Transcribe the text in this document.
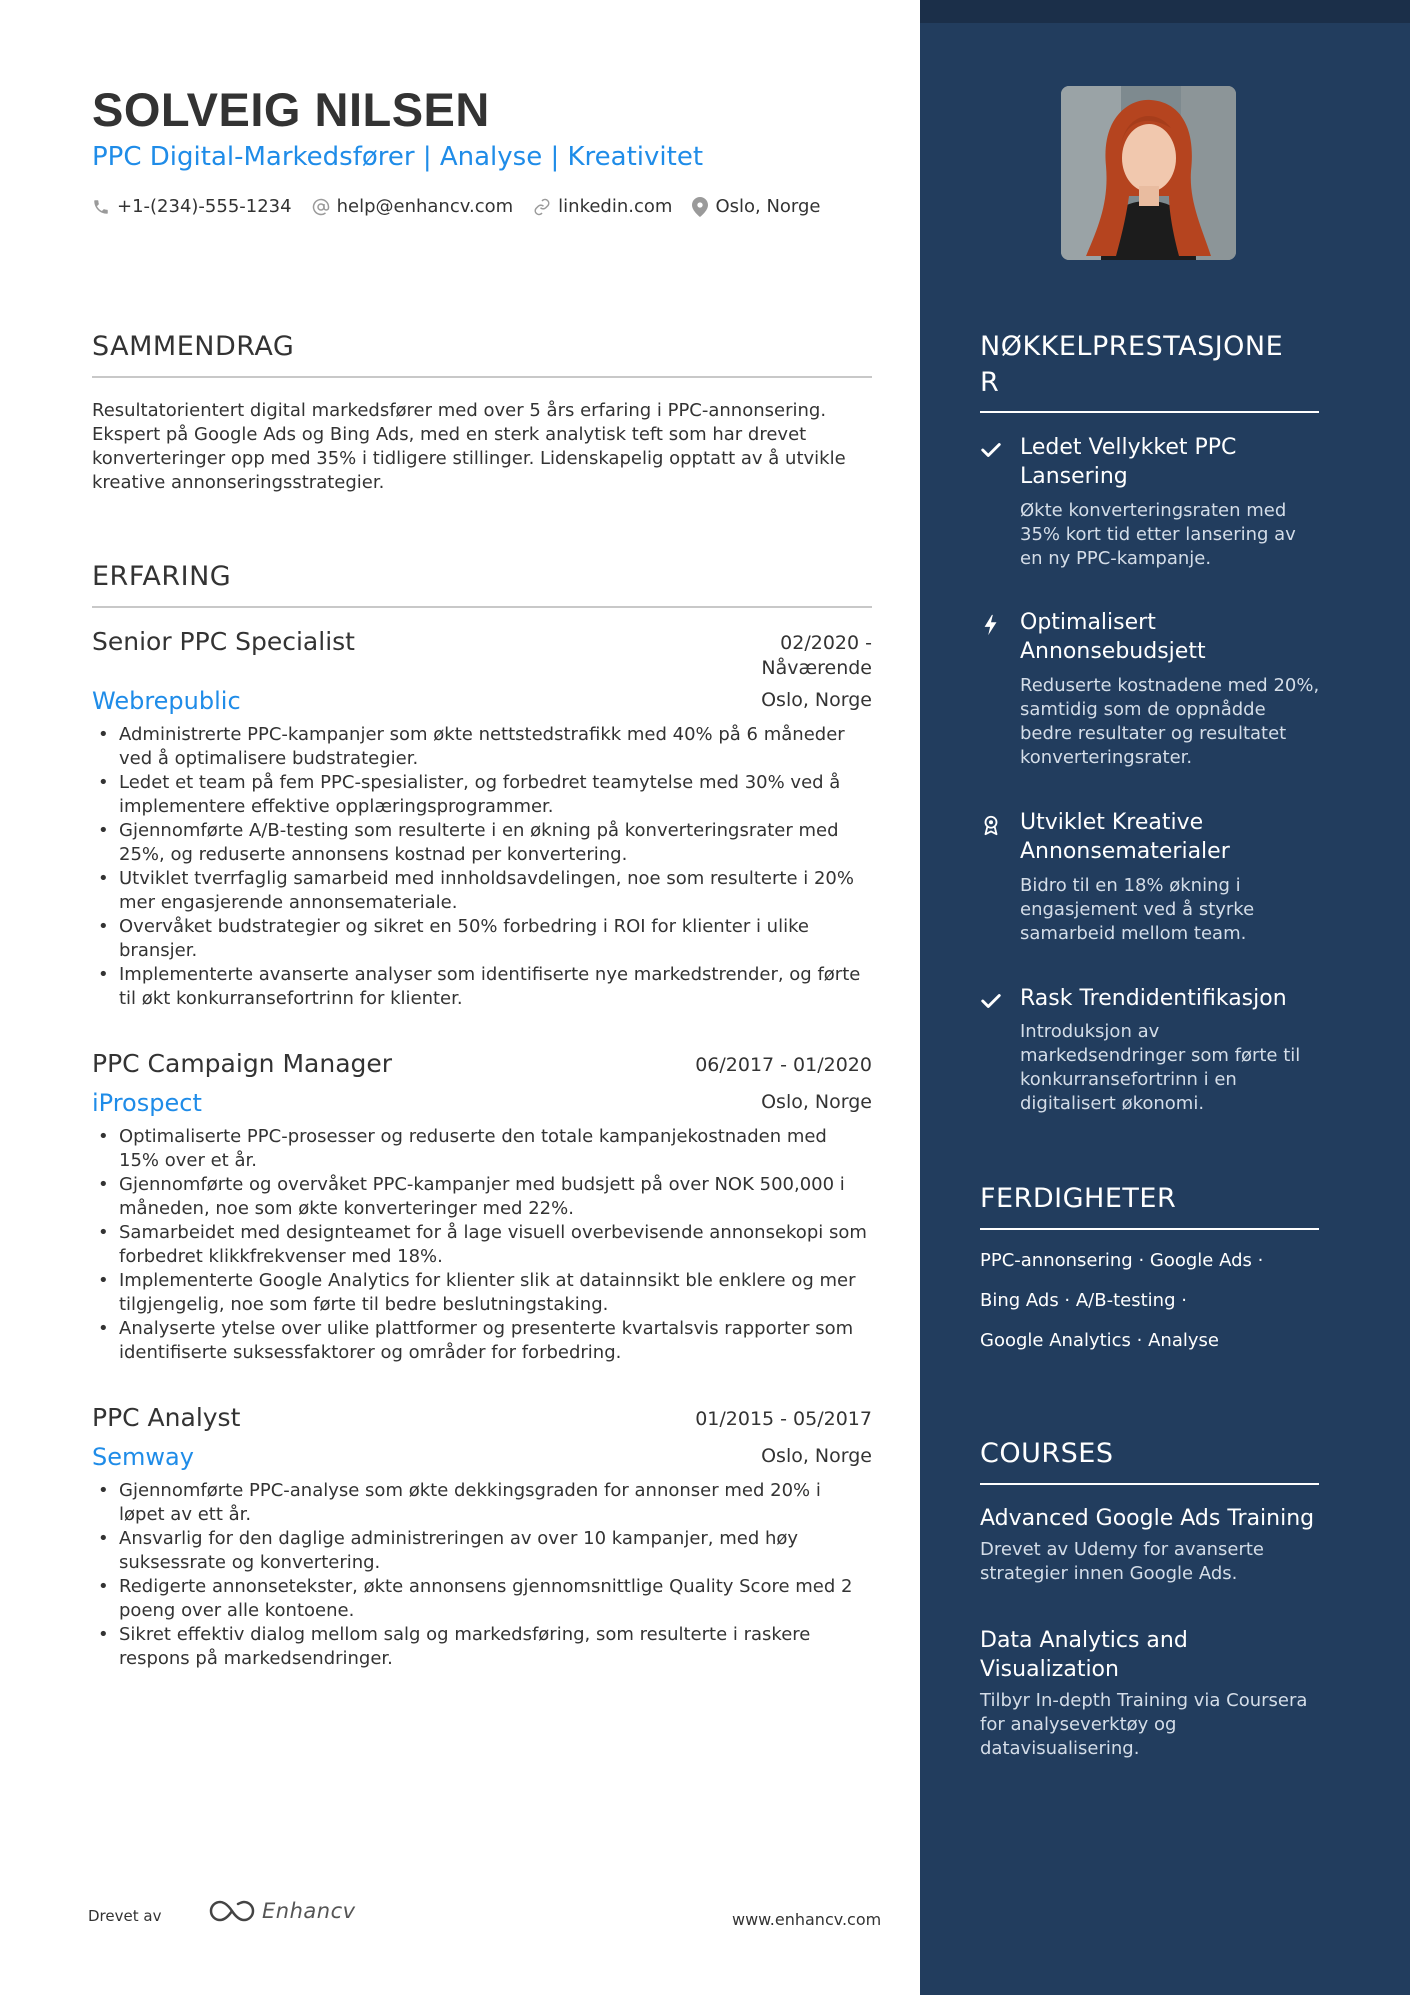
SOLVEIG NILSEN
PPC Digital-Markedsfører | Analyse | Kreativitet
+1-(234)-555-1234	help@enhancv.com	linkedin.com Oslo, Norge
SAMMENDRAG
Resultatorientert digital markedsfører med over 5 års erfaring i PPC-annonsering. Ekspert på Google Ads og Bing Ads, med en sterk analytisk teft som har drevet konverteringer opp med 35% i tidligere stillinger. Lidenskapelig opptatt av å utvikle kreative annonseringsstrategier.
ERFARING
Senior PPC Specialist	02/2020 -
Nåværende
Webrepublic	Oslo, Norge
• Administrerte PPC-kampanjer som økte nettstedstrafikk med 40% på 6 måneder ved å optimalisere budstrategier.
• Ledet et team på fem PPC-spesialister, og forbedret teamytelse med 30% ved å implementere effektive opplæringsprogrammer.
• Gjennomførte A/B-testing som resulterte i en økning på konverteringsrater med 25%, og reduserte annonsens kostnad per konvertering.
• Utviklet tverrfaglig samarbeid med innholdsavdelingen, noe som resulterte i 20% mer engasjerende annonsemateriale.
• Overvåket budstrategier og sikret en 50% forbedring i ROI for klienter i ulike bransjer.
• Implementerte avanserte analyser som identifiserte nye markedstrender, og førte til økt konkurransefortrinn for klienter.
PPC Campaign Manager	06/2017 - 01/2020
iProspect	Oslo, Norge
• Optimaliserte PPC-prosesser og reduserte den totale kampanjekostnaden med 15% over et år.
• Gjennomførte og overvåket PPC-kampanjer med budsjett på over NOK 500,000 i måneden, noe som økte konverteringer med 22%.
• Samarbeidet med designteamet for å lage visuell overbevisende annonsekopi som forbedret klikkfrekvenser med 18%.
• Implementerte Google Analytics for klienter slik at datainnsikt ble enklere og mer tilgjengelig, noe som førte til bedre beslutningstaking.
• Analyserte ytelse over ulike plattformer og presenterte kvartalsvis rapporter som identifiserte suksessfaktorer og områder for forbedring.
PPC Analyst	01/2015 - 05/2017
Semway	Oslo, Norge
• Gjennomførte PPC-analyse som økte dekkingsgraden for annonser med 20% i løpet av ett år.
• Ansvarlig for den daglige administreringen av over 10 kampanjer, med høy suksessrate og konvertering.
• Redigerte annonsetekster, økte annonsens gjennomsnittlige Quality Score med 2 poeng over alle kontoene.
• Sikret effektiv dialog mellom salg og markedsføring, som resulterte i raskere respons på markedsendringer.
Drevet av	Enhancv	www.enhancv.com
NØKKELPRESTASJONE
R
Ledet Vellykket PPC Lansering
Økte konverteringsraten med 35% kort tid etter lansering av en ny PPC-kampanje.
Optimalisert Annonsebudsjett
Reduserte kostnadene med 20%, samtidig som de oppnådde bedre resultater og resultatet konverteringsrater.
Utviklet Kreative Annonsematerialer
Bidro til en 18% økning i engasjement ved å styrke samarbeid mellom team.
Rask Trendidentifikasjon
Introduksjon av markedsendringer som førte til konkurransefortrinn i en digitalisert økonomi.
FERDIGHETER
PPC-annonsering · Google Ads ·
Bing Ads · A/B-testing ·
Google Analytics · Analyse
COURSES
Advanced Google Ads Training
Drevet av Udemy for avanserte strategier innen Google Ads.
Data Analytics and Visualization
Tilbyr In-depth Training via Coursera for analyseverktøy og datavisualisering.
